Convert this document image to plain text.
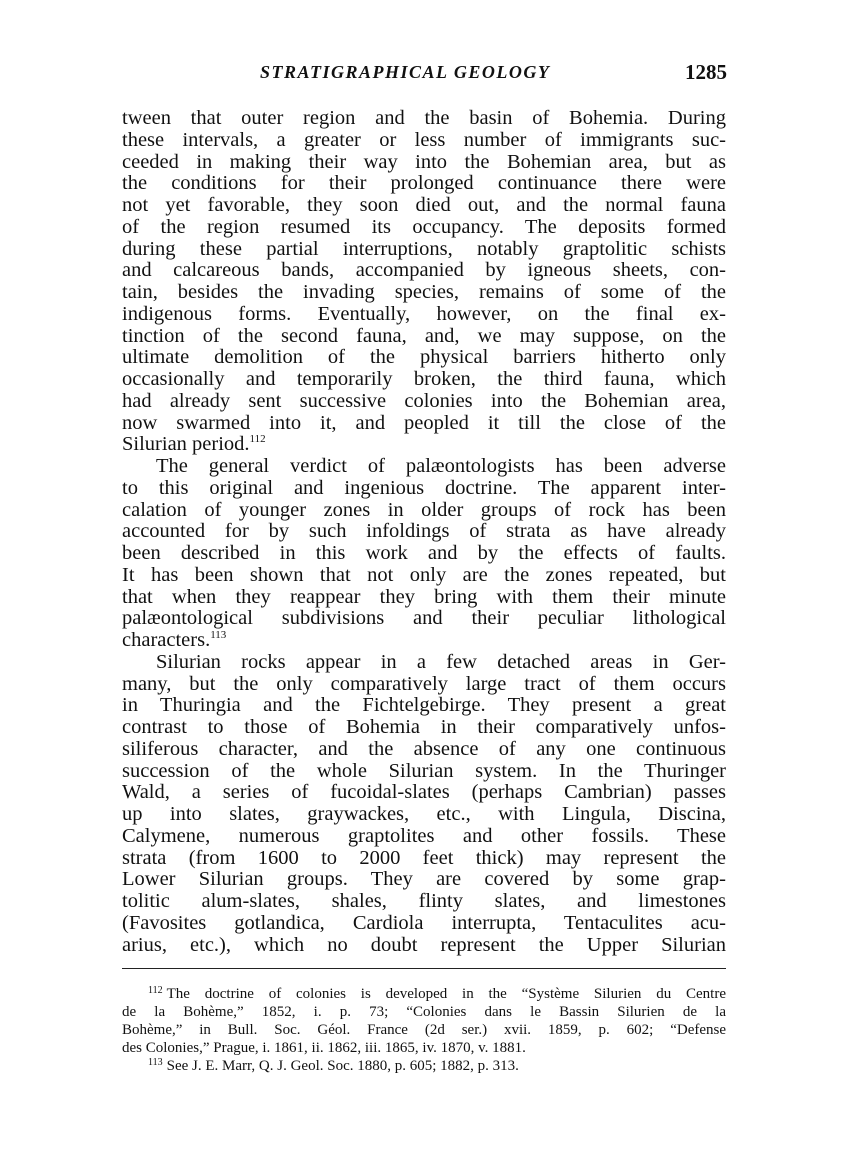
STRATIGRAPHICAL GEOLOGY	1285
tween that outer region and the basin of Bohemia. During
these intervals, a greater or less number of immigrants suc-
ceeded in making their way into the Bohemian area, but as
the conditions for their prolonged continuance there were
not yet favorable, they soon died out, and the normal fauna
of the region resumed its occupancy. The deposits formed
during these partial interruptions, notably graptolitic schists
and calcareous bands, accompanied by igneous sheets, con-
tain, besides the invading species, remains of some of the
indigenous forms. Eventually, however, on the final ex-
tinction of the second fauna, and, we may suppose, on the
ultimate demolition of the physical barriers hitherto only
occasionally and temporarily broken, the third fauna, which
had already sent successive colonies into the Bohemian area,
now swarmed into it, and peopled it till the close of the
Silurian period.$^{112}$
The general verdict of palæontologists has been adverse
to this original and ingenious doctrine. The apparent inter-
calation of younger zones in older groups of rock has been
accounted for by such infoldings of strata as have already
been described in this work and by the effects of faults.
It has been shown that not only are the zones repeated, but
that when they reappear they bring with them their minute
palæontological subdivisions and their peculiar lithological
characters.$^{113}$
Silurian rocks appear in a few detached areas in Ger-
many, but the only comparatively large tract of them occurs
in Thuringia and the Fichtelgebirge. They present a great
contrast to those of Bohemia in their comparatively unfos-
siliferous character, and the absence of any one continuous
succession of the whole Silurian system. In the Thuringer
Wald, a series of fucoidal-slates (perhaps Cambrian) passes
up into slates, graywackes, etc., with Lingula, Discina,
Calymene, numerous graptolites and other fossils. These
strata (from 1600 to 2000 feet thick) may represent the
Lower Silurian groups. They are covered by some grap-
tolitic alum-slates, shales, flinty slates, and limestones
(Favosites gotlandica, Cardiola interrupta, Tentaculites acu-
arius, etc.), which no doubt represent the Upper Silurian
$^{112}$ The doctrine of colonies is developed in the “Système Silurien du Centre
de la Bohème,” 1852, i. p. 73; “Colonies dans le Bassin Silurien de la
Bohème,” in Bull. Soc. Géol. France (2d ser.) xvii. 1859, p. 602; “Defense
des Colonies,” Prague, i. 1861, ii. 1862, iii. 1865, iv. 1870, v. 1881.
$^{113}$ See J. E. Marr, Q. J. Geol. Soc. 1880, p. 605; 1882, p. 313.
